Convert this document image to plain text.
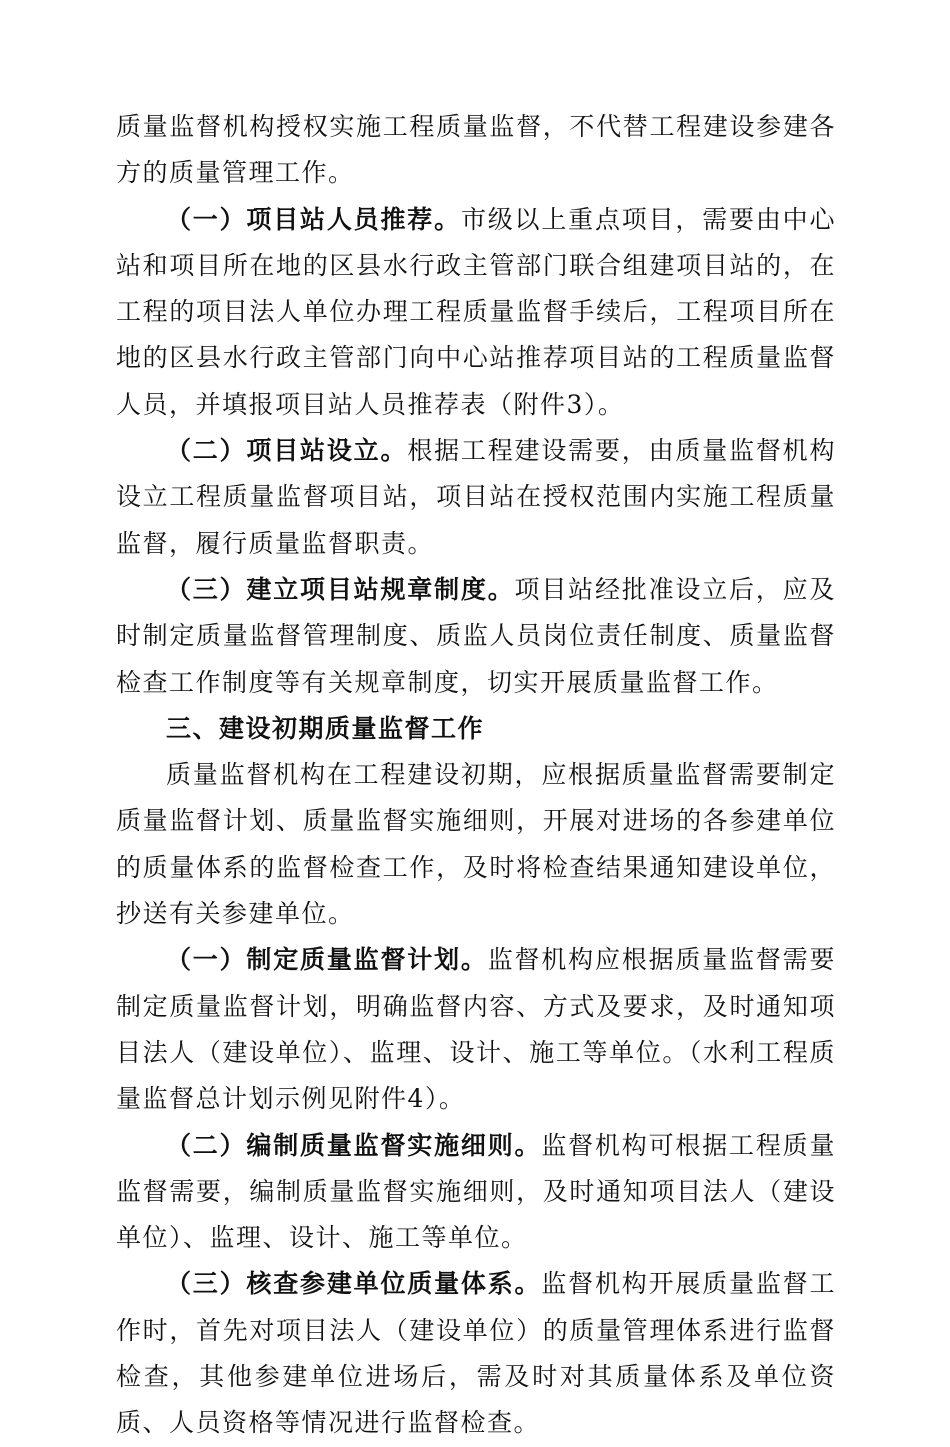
质量监督机构授权实施工程质量监督，不代替工程建设参建各方的质量管理工作。

（一）项目站人员推荐。市级以上重点项目，需要由中心站和项目所在地的区县水行政主管部门联合组建项目站的，在工程的项目法人单位办理工程质量监督手续后，工程项目所在地的区县水行政主管部门向中心站推荐项目站的工程质量监督人员，并填报项目站人员推荐表（附件3）。

（二）项目站设立。根据工程建设需要，由质量监督机构设立工程质量监督项目站，项目站在授权范围内实施工程质量监督，履行质量监督职责。

（三）建立项目站规章制度。项目站经批准设立后，应及时制定质量监督管理制度、质监人员岗位责任制度、质量监督检查工作制度等有关规章制度，切实开展质量监督工作。

三、建设初期质量监督工作

质量监督机构在工程建设初期，应根据质量监督需要制定质量监督计划、质量监督实施细则，开展对进场的各参建单位的质量体系的监督检查工作，及时将检查结果通知建设单位，抄送有关参建单位。

（一）制定质量监督计划。监督机构应根据质量监督需要制定质量监督计划，明确监督内容、方式及要求，及时通知项目法人（建设单位）、监理、设计、施工等单位。（水利工程质量监督总计划示例见附件4）。

（二）编制质量监督实施细则。监督机构可根据工程质量监督需要，编制质量监督实施细则，及时通知项目法人（建设单位）、监理、设计、施工等单位。

（三）核查参建单位质量体系。监督机构开展质量监督工作时，首先对项目法人（建设单位）的质量管理体系进行监督检查，其他参建单位进场后，需及时对其质量体系及单位资质、人员资格等情况进行监督检查。
